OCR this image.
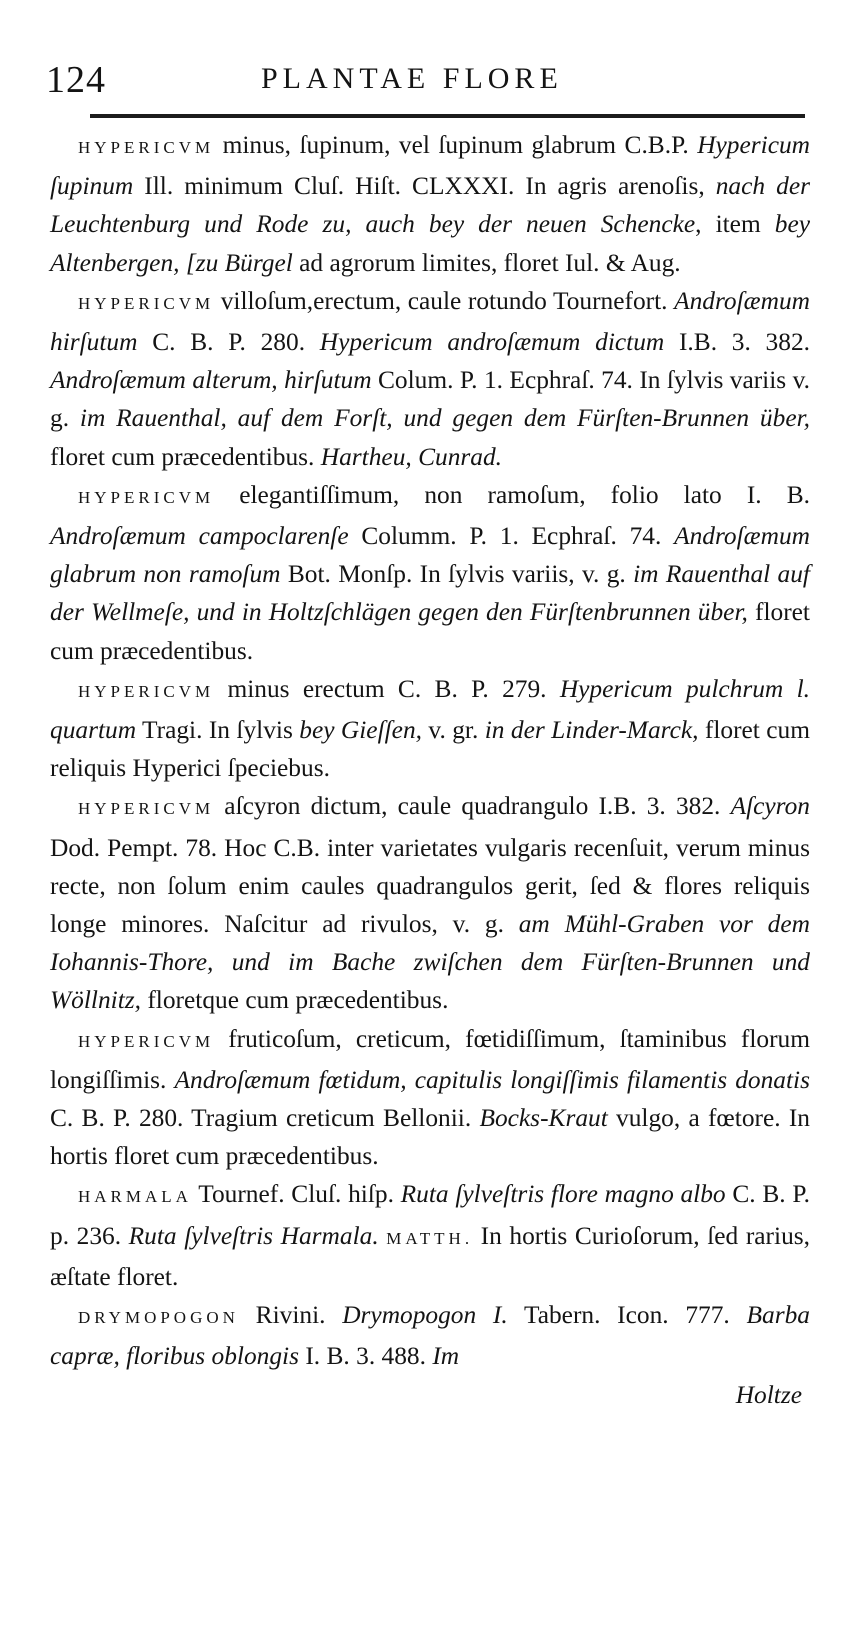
124	PLANTAE FLORE

HYPERICVM minus, ſupinum, vel ſupinum glabrum C.B.P. Hypericum ſupinum Ill. minimum Cluſ. Hiſt. CLXXXI. In agris arenoſis, nach der Leuchtenburg und Rode zu, auch bey der neuen Schencke, item bey Altenbergen, [zu Bürgel ad agrorum limites, floret Iul. & Aug.

HYPERICVM villoſum,erectum, caule rotundo Tournefort. Androſæmum hirſutum C. B. P. 280. Hypericum androſæmum dictum I.B. 3. 382. Androſæmum alterum, hirſutum Colum. P. 1. Ecphraſ. 74. In ſylvis variis v. g. im Rauenthal, auf dem Forſt, und gegen dem Fürſten-Brunnen über, floret cum præcedentibus. Hartheu, Cunrad.

HYPERICVM elegantiſſimum, non ramoſum, folio lato I. B. Androſæmum campoclarenſe Columm. P. 1. Ecphraſ. 74. Androſæmum glabrum non ramoſum Bot. Monſp. In ſylvis variis, v. g. im Rauenthal auf der Wellmeſe, und in Holtzſchlägen gegen den Fürſtenbrunnen über, floret cum præcedentibus.

HYPERICVM minus erectum C. B. P. 279. Hypericum pulchrum l. quartum Tragi. In ſylvis bey Gieſſen, v. gr. in der Linder-Marck, floret cum reliquis Hyperici ſpeciebus.

HYPERICVM aſcyron dictum, caule quadrangulo I.B. 3. 382. Aſcyron Dod. Pempt. 78. Hoc C.B. inter varietates vulgaris recenſuit, verum minus recte, non ſolum enim caules quadrangulos gerit, ſed & flores reliquis longe minores. Naſcitur ad rivulos, v. g. am Mühl-Graben vor dem Iohannis-Thore, und im Bache zwiſchen dem Fürſten-Brunnen und Wöllnitz, floretque cum præcedentibus.

HYPERICVM fruticoſum, creticum, fœtidiſſimum, ſtaminibus florum longiſſimis. Androſæmum fœtidum, capitulis longiſſimis filamentis donatis C. B. P. 280. Tragium creticum Bellonii. Bocks-Kraut vulgo, a fœtore. In hortis floret cum præcedentibus.

HARMALA Tournef. Cluſ. hiſp. Ruta ſylveſtris flore magno albo C. B. P. p. 236. Ruta ſylveſtris Harmala. MATTH. In hortis Curioſorum, ſed rarius, æſtate floret.

DRYMOPOGON Rivini. Drymopogon I. Tabern. Icon. 777. Barba capræ, floribus oblongis I. B. 3. 488. Im

Holtze
